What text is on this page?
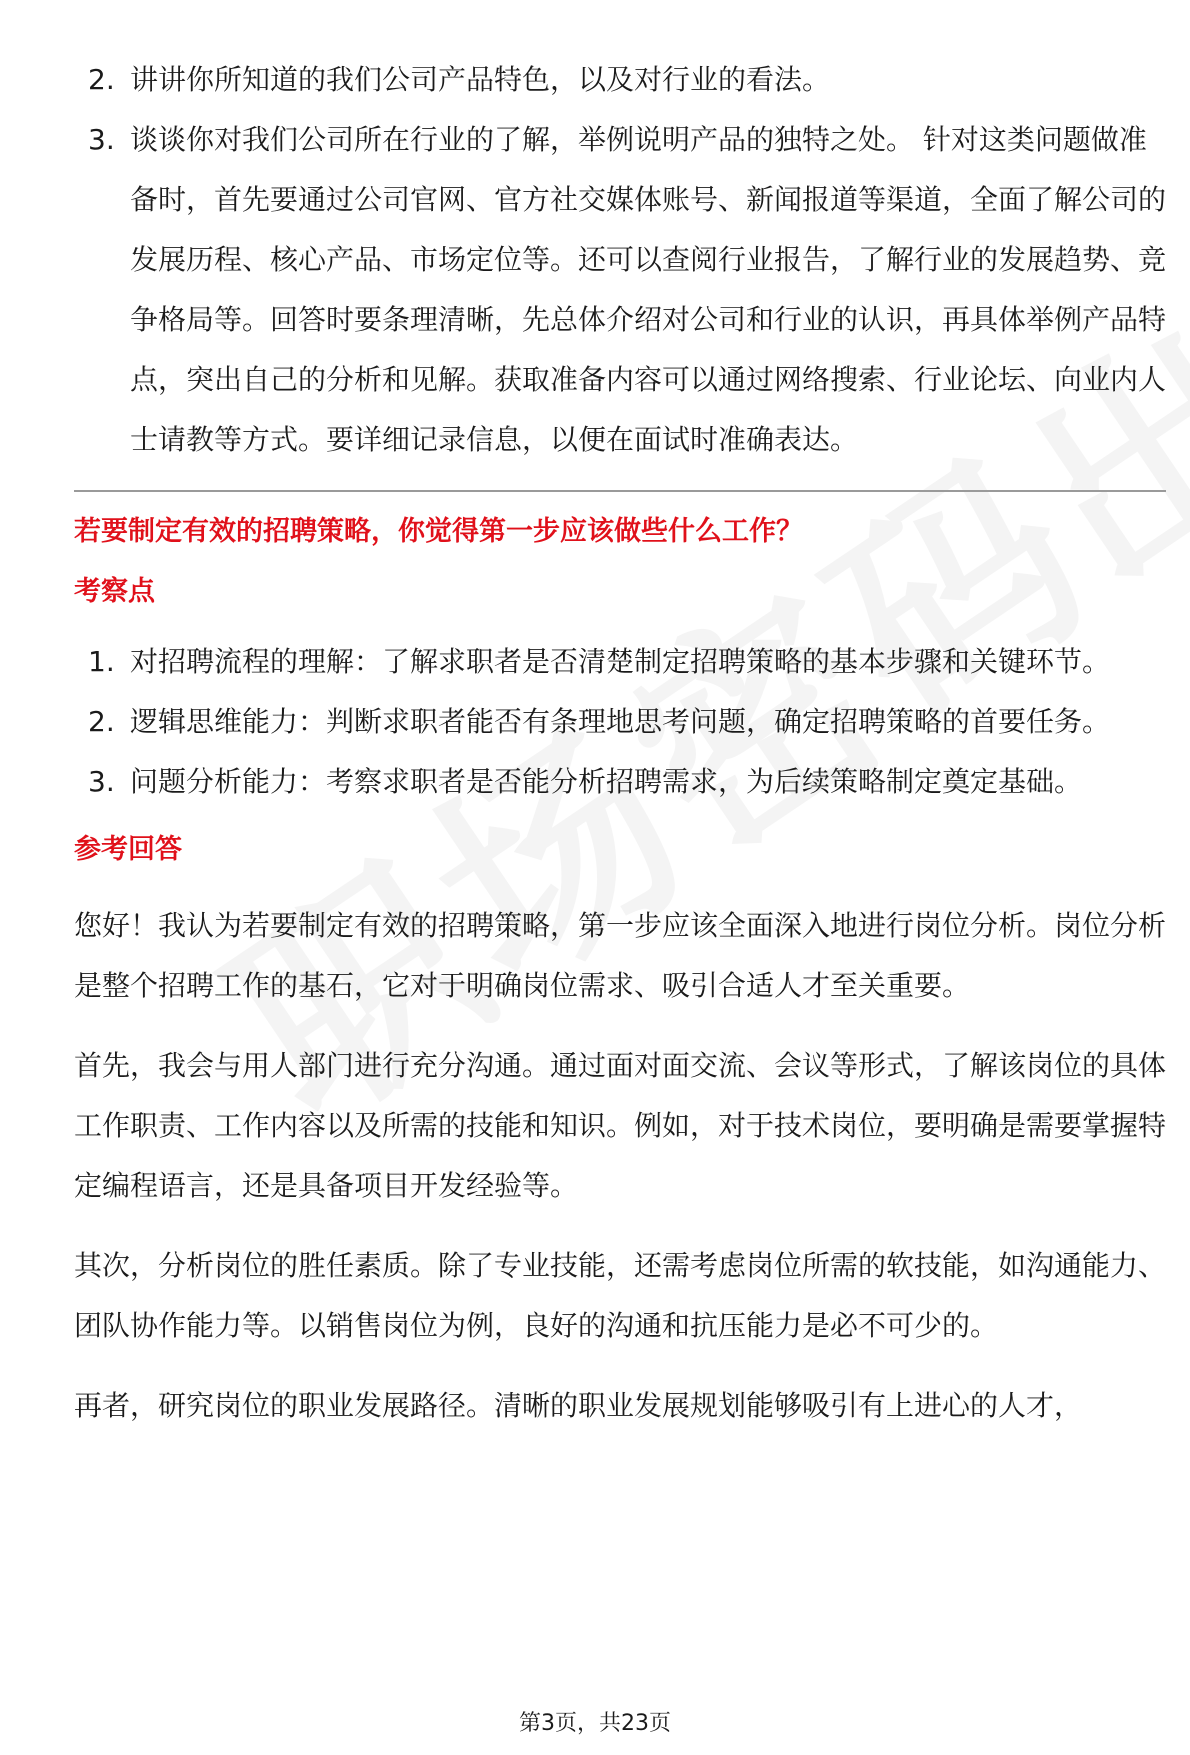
2. 讲讲你所知道的我们公司产品特色，以及对行业的看法。
3. 谈谈你对我们公司所在行业的了解，举例说明产品的独特之处。 针对这类问题做准备时，首先要通过公司官网、官方社交媒体账号、新闻报道等渠道，全面了解公司的发展历程、核心产品、市场定位等。还可以查阅行业报告，了解行业的发展趋势、竞争格局等。回答时要条理清晰，先总体介绍对公司和行业的认识，再具体举例产品特点，突出自己的分析和见解。获取准备内容可以通过网络搜索、行业论坛、向业内人士请教等方式。要详细记录信息，以便在面试时准确表达。
若要制定有效的招聘策略，你觉得第一步应该做些什么工作？
考察点
1. 对招聘流程的理解：了解求职者是否清楚制定招聘策略的基本步骤和关键环节。
2. 逻辑思维能力：判断求职者能否有条理地思考问题，确定招聘策略的首要任务。
3. 问题分析能力：考察求职者是否能分析招聘需求，为后续策略制定奠定基础。
参考回答

您好！我认为若要制定有效的招聘策略，第一步应该全面深入地进行岗位分析。岗位分析是整个招聘工作的基石，它对于明确岗位需求、吸引合适人才至关重要。

首先，我会与用人部门进行充分沟通。通过面对面交流、会议等形式，了解该岗位的具体工作职责、工作内容以及所需的技能和知识。例如，对于技术岗位，要明确是需要掌握特定编程语言，还是具备项目开发经验等。

其次，分析岗位的胜任素质。除了专业技能，还需考虑岗位所需的软技能，如沟通能力、团队协作能力等。以销售岗位为例，良好的沟通和抗压能力是必不可少的。

再者，研究岗位的职业发展路径。清晰的职业发展规划能够吸引有上进心的人才，

第3页，共23页
